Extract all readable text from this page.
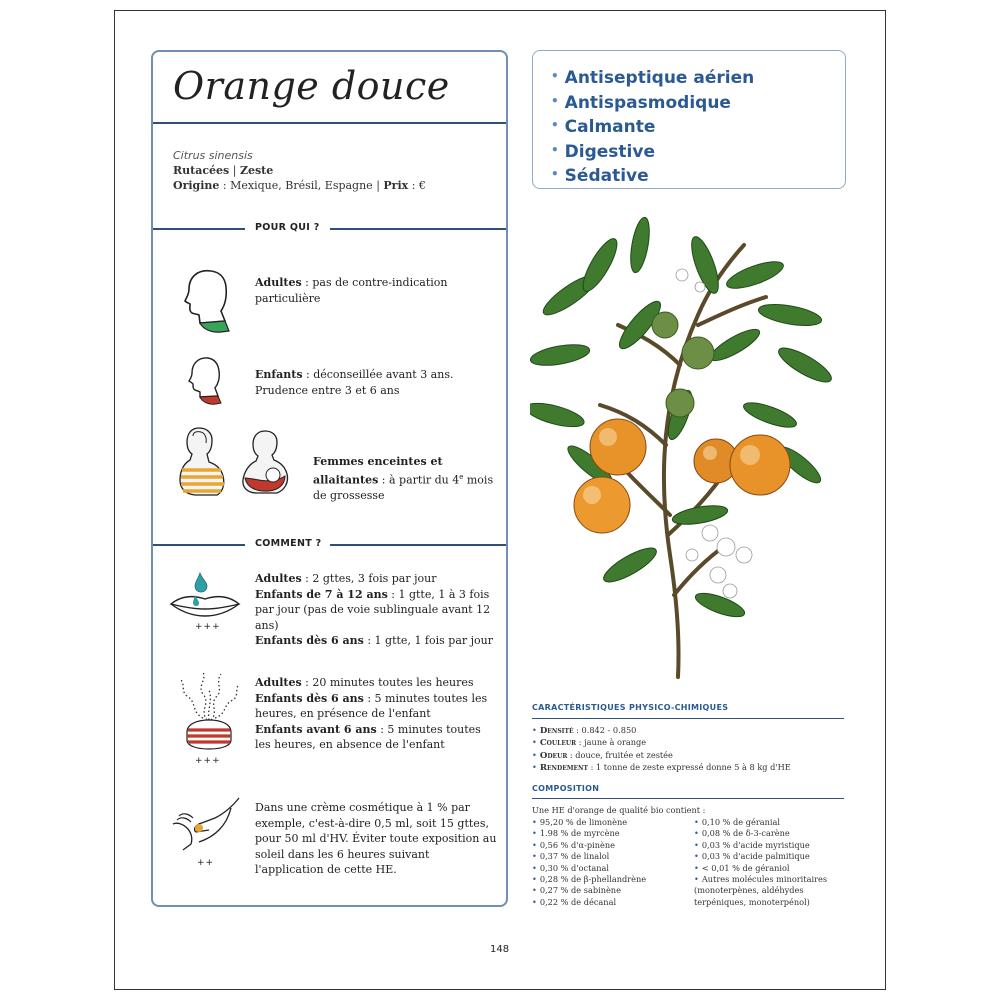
Orange douce
Citrus sinensis
Rutacées | Zeste
Origine : Mexique, Brésil, Espagne | Prix : €
POUR QUI ?
Adultes : pas de contre-indication particulière
Enfants : déconseillée avant 3 ans. Prudence entre 3 et 6 ans
Femmes enceintes et allaitantes : à partir du 4e mois de grossesse
COMMENT ?
+++
Adultes : 2 gttes, 3 fois par jour
Enfants de 7 à 12 ans : 1 gtte, 1 à 3 fois par jour (pas de voie sublinguale avant 12 ans)
Enfants dès 6 ans : 1 gtte, 1 fois par jour
+++
Adultes : 20 minutes toutes les heures
Enfants dès 6 ans : 5 minutes toutes les heures, en présence de l'enfant
Enfants avant 6 ans : 5 minutes toutes les heures, en absence de l'enfant
++
Dans une crème cosmétique à 1 % par exemple, c'est-à-dire 0,5 ml, soit 15 gttes, pour 50 ml d'HV. Éviter toute exposition au soleil dans les 6 heures suivant l'application de cette HE.
• Antiseptique aérien
• Antispasmodique
• Calmante
• Digestive
• Sédative
CARACTÉRISTIQUES PHYSICO-CHIMIQUES
• Densité : 0.842 - 0.850
• Couleur : jaune à orange
• Odeur : douce, fruitée et zestée
• Rendement : 1 tonne de zeste expressé donne 5 à 8 kg d'HE
COMPOSITION
Une HE d'orange de qualité bio contient :
• 95,20 % de limonène
• 1.98 % de myrcène
• 0,56 % d'α-pinène
• 0,37 % de linalol
• 0,30 % d'octanal
• 0,28 % de β-phellandrène
• 0,27 % de sabinène
• 0,22 % de décanal
• 0,10 % de géranial
• 0,08 % de δ-3-carène
• 0,03 % d'acide myristique
• 0,03 % d'acide palmitique
• < 0,01 % de géraniol
• Autres molécules minoritaires (monoterpènes, aldéhydes terpéniques, monoterpénol)
148
